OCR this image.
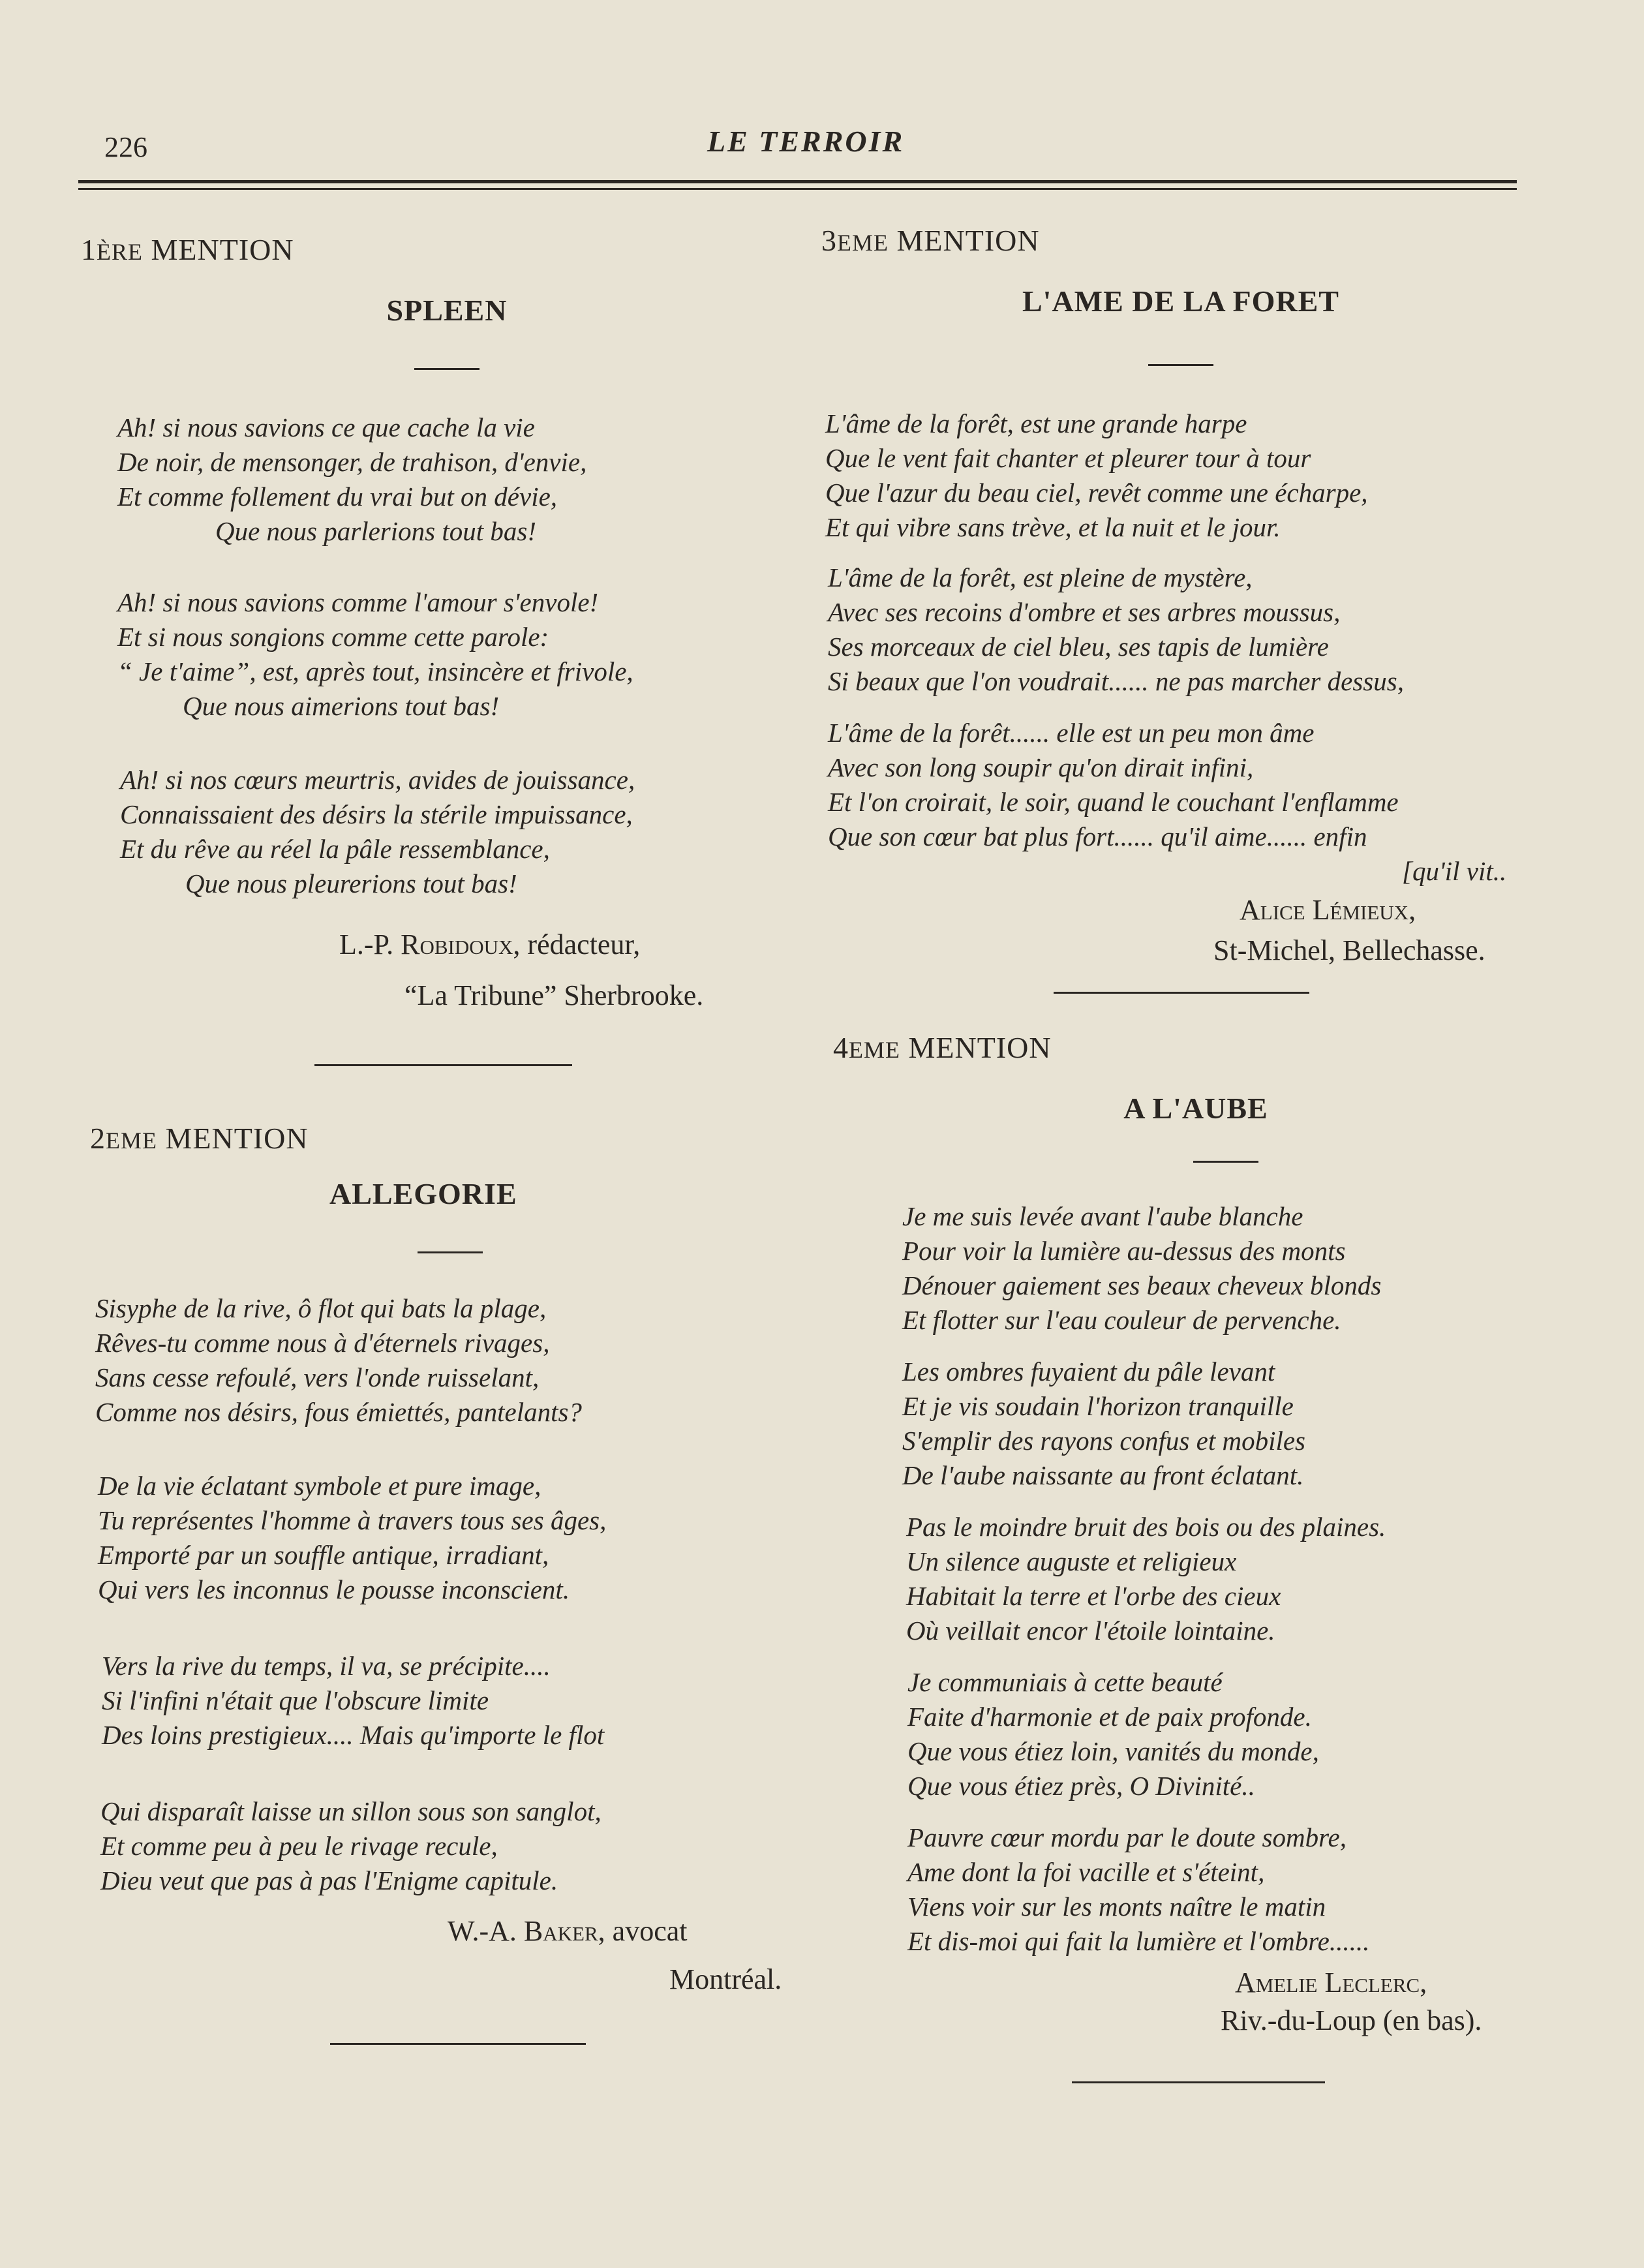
226	LE TERROIR

1ÈRE MENTION

SPLEEN
Ah! si nous savions ce que cache la vie
De noir, de mensonger, de trahison, d'envie,
Et comme follement du vrai but on dévie,
Que nous parlerions tout bas!
Ah! si nous savions comme l'amour s'envole!
Et si nous songions comme cette parole:
“ Je t'aime”, est, après tout, insincère et frivole,
Que nous aimerions tout bas!
Ah! si nos cœurs meurtris, avides de jouissance,
Connaissaient des désirs la stérile impuissance,
Et du rêve au réel la pâle ressemblance,
Que nous pleurerions tout bas!
L.-P. Robidoux, rédacteur,
“La Tribune” Sherbrooke.

2EME MENTION

ALLEGORIE
Sisyphe de la rive, ô flot qui bats la plage,
Rêves-tu comme nous à d'éternels rivages,
Sans cesse refoulé, vers l'onde ruisselant,
Comme nos désirs, fous émiettés, pantelants?
De la vie éclatant symbole et pure image,
Tu représentes l'homme à travers tous ses âges,
Emporté par un souffle antique, irradiant,
Qui vers les inconnus le pousse inconscient.
Vers la rive du temps, il va, se précipite....
Si l'infini n'était que l'obscure limite
Des loins prestigieux.... Mais qu'importe le flot
Qui disparaît laisse un sillon sous son sanglot,
Et comme peu à peu le rivage recule,
Dieu veut que pas à pas l'Enigme capitule.
W.-A. Baker, avocat
Montréal.

3EME MENTION

L'AME DE LA FORET
L'âme de la forêt, est une grande harpe
Que le vent fait chanter et pleurer tour à tour
Que l'azur du beau ciel, revêt comme une écharpe,
Et qui vibre sans trève, et la nuit et le jour.
L'âme de la forêt, est pleine de mystère,
Avec ses recoins d'ombre et ses arbres moussus,
Ses morceaux de ciel bleu, ses tapis de lumière
Si beaux que l'on voudrait...... ne pas marcher dessus,
L'âme de la forêt...... elle est un peu mon âme
Avec son long soupir qu'on dirait infini,
Et l'on croirait, le soir, quand le couchant l'enflamme
Que son cœur bat plus fort...... qu'il aime...... enfin
[qu'il vit..
Alice Lémieux,
St-Michel, Bellechasse.

4EME MENTION

A L'AUBE
Je me suis levée avant l'aube blanche
Pour voir la lumière au-dessus des monts
Dénouer gaiement ses beaux cheveux blonds
Et flotter sur l'eau couleur de pervenche.
Les ombres fuyaient du pâle levant
Et je vis soudain l'horizon tranquille
S'emplir des rayons confus et mobiles
De l'aube naissante au front éclatant.
Pas le moindre bruit des bois ou des plaines.
Un silence auguste et religieux
Habitait la terre et l'orbe des cieux
Où veillait encor l'étoile lointaine.
Je communiais à cette beauté
Faite d'harmonie et de paix profonde.
Que vous étiez loin, vanités du monde,
Que vous étiez près, O Divinité..
Pauvre cœur mordu par le doute sombre,
Ame dont la foi vacille et s'éteint,
Viens voir sur les monts naître le matin
Et dis-moi qui fait la lumière et l'ombre......
Amelie Leclerc,
Riv.-du-Loup (en bas).
